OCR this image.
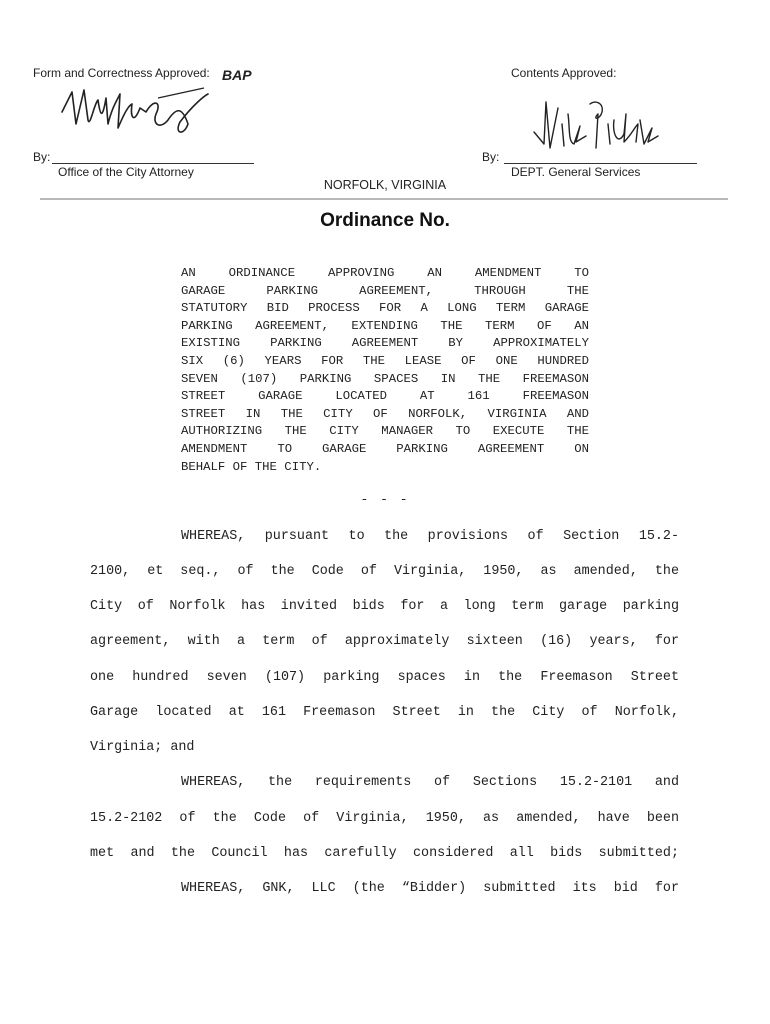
Form and Correctness Approved: BAP	Contents Approved:
By:
Office of the City Attorney
By:
DEPT. General Services
NORFOLK, VIRGINIA
Ordinance No.
AN ORDINANCE APPROVING AN AMENDMENT TO
GARAGE PARKING AGREEMENT, THROUGH THE
STATUTORY BID PROCESS FOR A LONG TERM GARAGE
PARKING AGREEMENT, EXTENDING THE TERM OF AN
EXISTING PARKING AGREEMENT BY APPROXIMATELY
SIX (6) YEARS FOR THE LEASE OF ONE HUNDRED
SEVEN (107) PARKING SPACES IN THE FREEMASON
STREET GARAGE LOCATED AT 161 FREEMASON
STREET IN THE CITY OF NORFOLK, VIRGINIA AND
AUTHORIZING THE CITY MANAGER TO EXECUTE THE
AMENDMENT TO GARAGE PARKING AGREEMENT ON
BEHALF OF THE CITY.
- - -
WHEREAS, pursuant to the provisions of Section 15.2-
2100, et seq., of the Code of Virginia, 1950, as amended, the
City of Norfolk has invited bids for a long term garage parking
agreement, with a term of approximately sixteen (16) years, for
one hundred seven (107) parking spaces in the Freemason Street
Garage located at 161 Freemason Street in the City of Norfolk,
Virginia; and
WHEREAS, the requirements of Sections 15.2-2101 and
15.2-2102 of the Code of Virginia, 1950, as amended, have been
met and the Council has carefully considered all bids submitted;
WHEREAS, GNK, LLC (the “Bidder) submitted its bid for
